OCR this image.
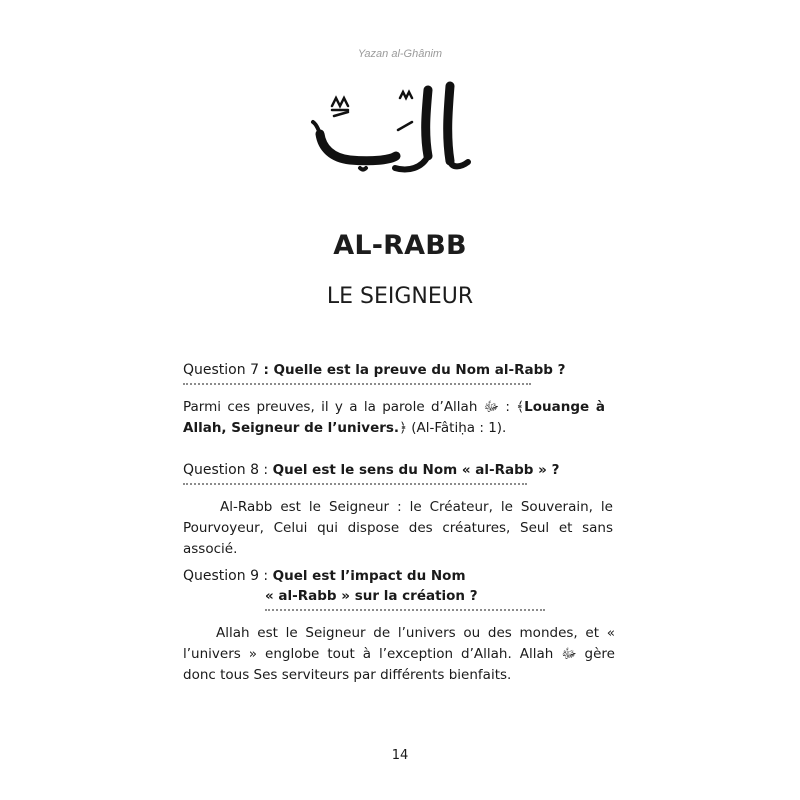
Yazan al-Ghânim
AL-RABB
LE SEIGNEUR
Question 7 : Quelle est la preuve du Nom al-Rabb ?
Parmi ces preuves, il y a la parole d’Allah ﷻ : ﴾Louange à Allah, Seigneur de l’univers.﴿ (Al-Fâtiḥa : 1).
Question 8 : Quel est le sens du Nom « al-Rabb » ?
Al-Rabb est le Seigneur : le Créateur, le Souverain, le Pourvoyeur, Celui qui dispose des créatures, Seul et sans associé.
Question 9 : Quel est l’impact du Nom
« al-Rabb » sur la création ?
Allah est le Seigneur de l’univers ou des mondes, et « l’univers » englobe tout à l’exception d’Allah. Allah ﷻ gère donc tous Ses serviteurs par différents bienfaits.
14
